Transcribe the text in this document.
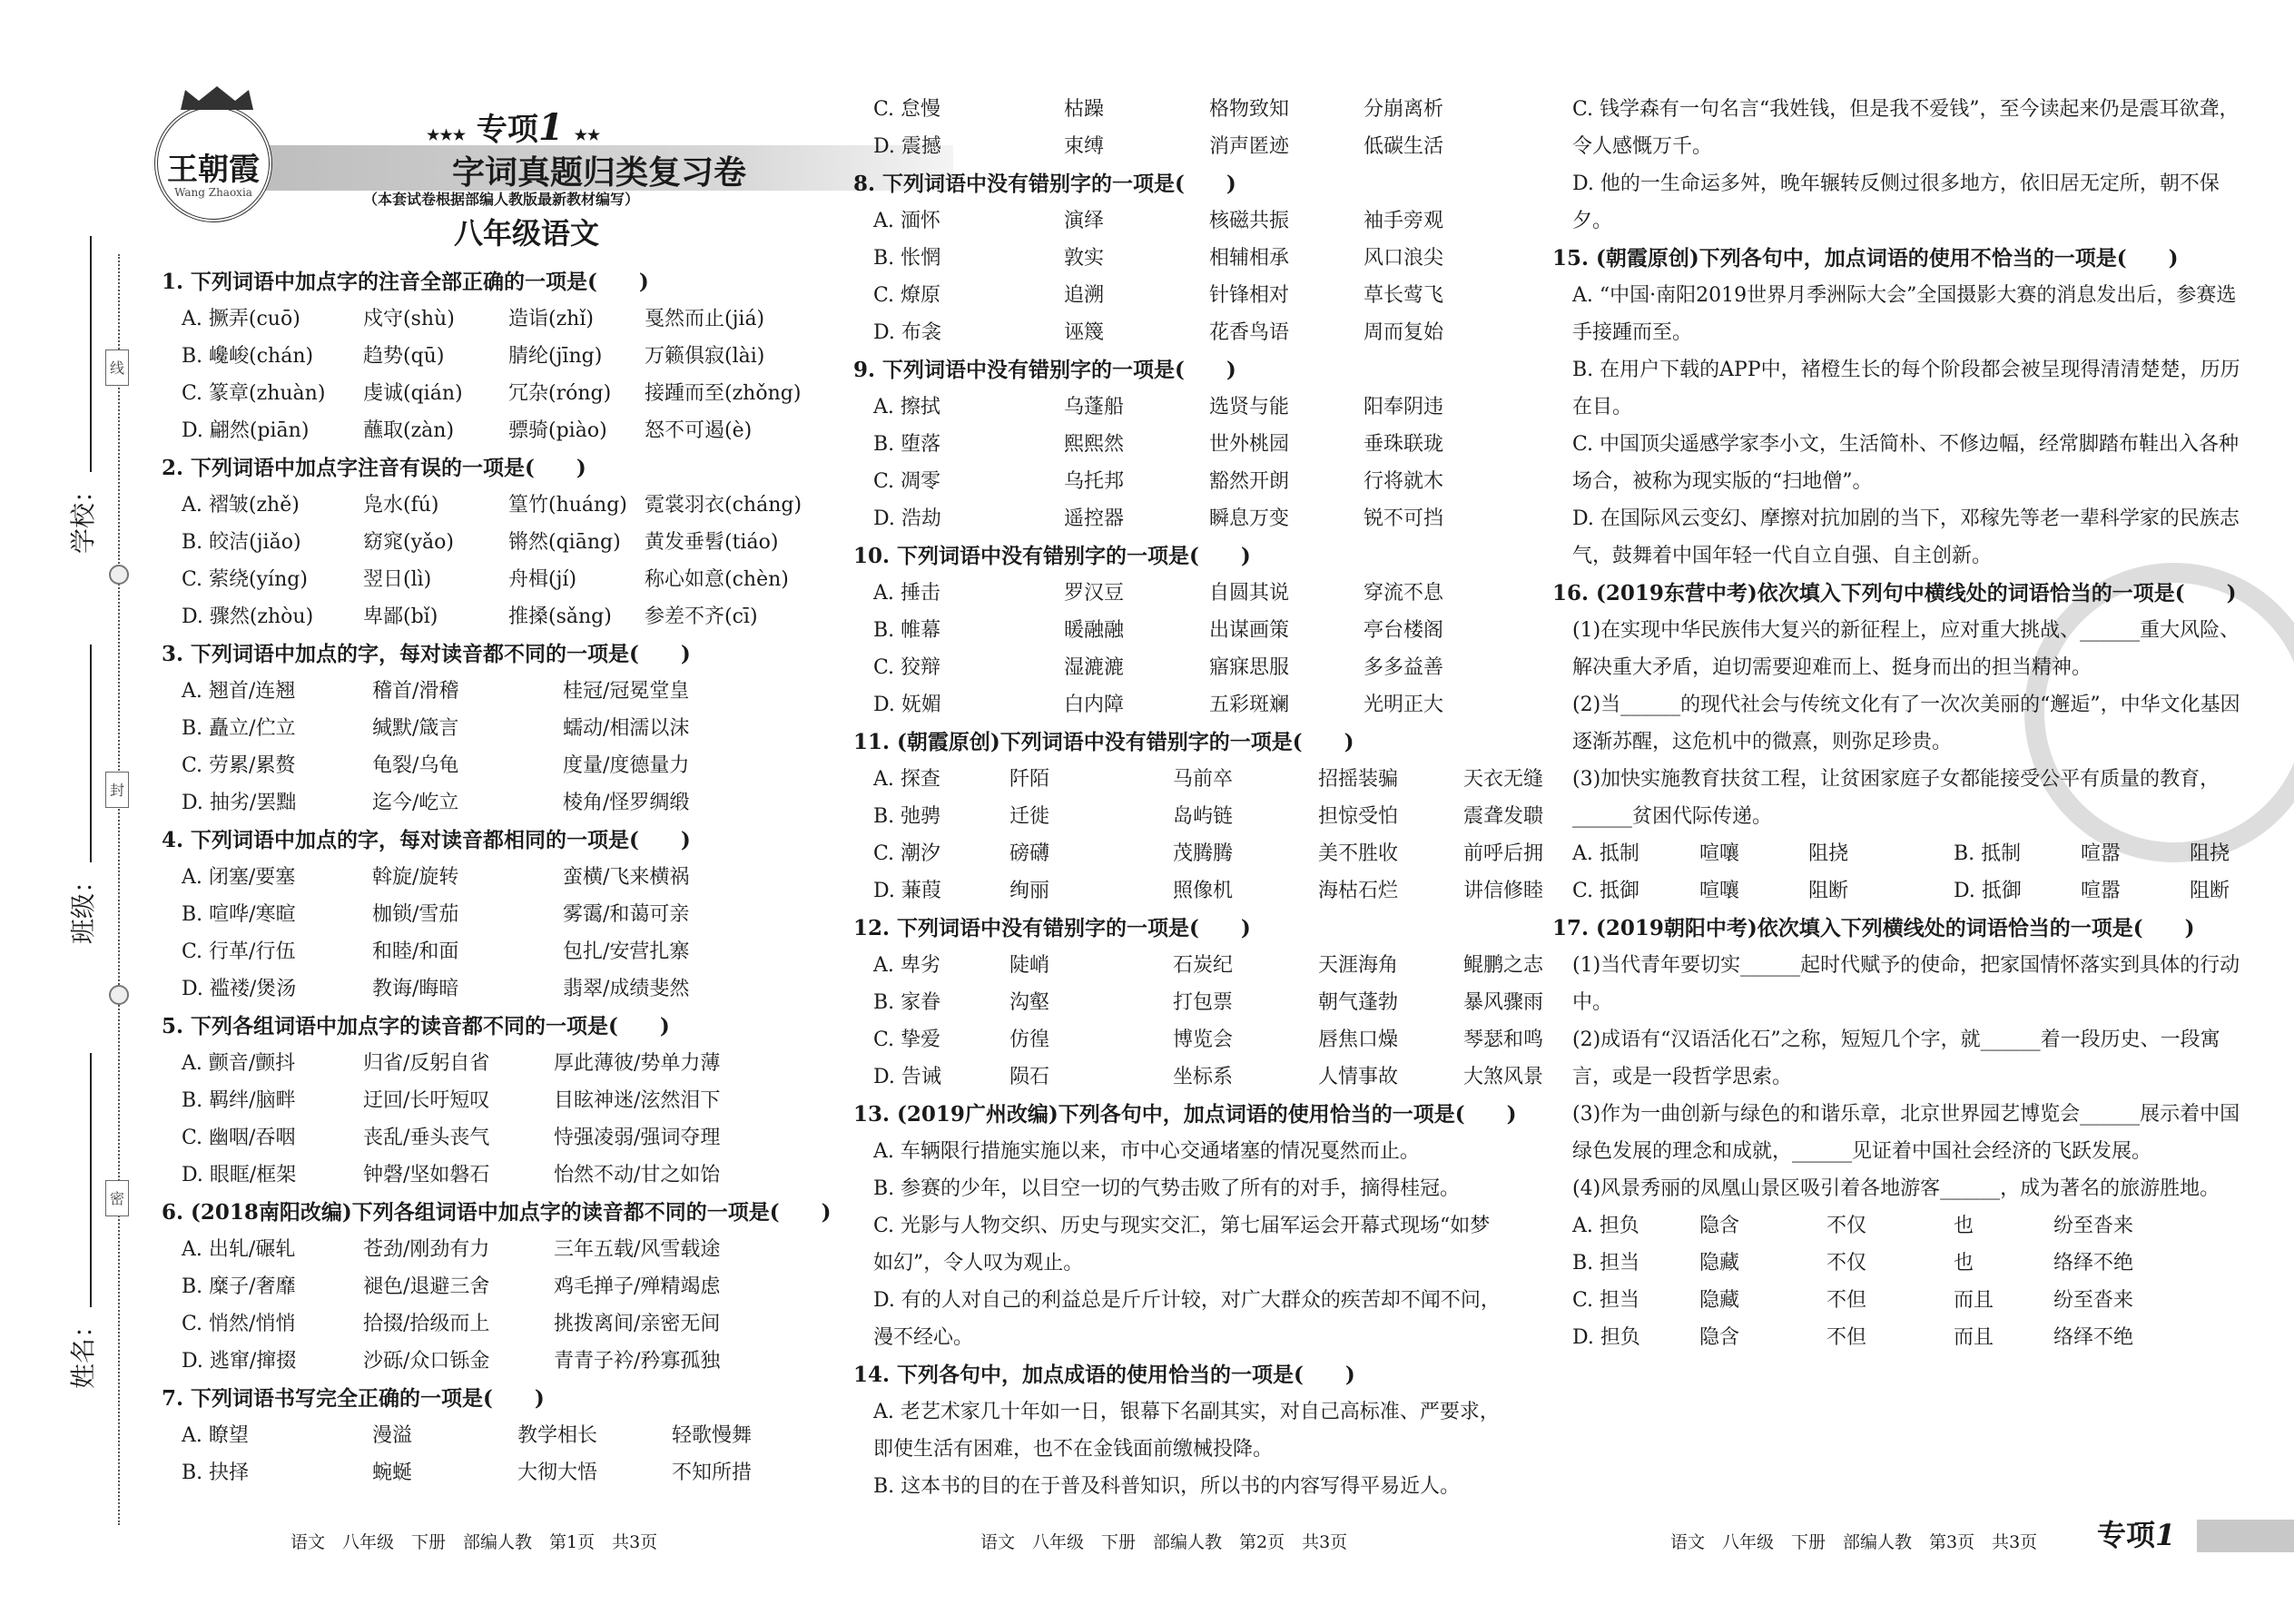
学校：
班级：
姓名：
线
封
密
王朝霞
Wang Zhaoxia
★★★ 专项1 ★★
字词真题归类复习卷
（本套试卷根据部编人教版最新教材编写）
八年级语文
1. 下列词语中加点字的注音全部正确的一项是(　　)
A. 撅弄(cuō)	戍守(shù)	造诣(zhǐ)	戛然而止(jiá)
B. 巉峻(chán)	趋势(qū)	腈纶(jīng)	万籁俱寂(lài)
C. 篆章(zhuàn)	虔诚(qián)	冗杂(róng)	接踵而至(zhǒng)
D. 翩然(piān)	蘸取(zàn)	骠骑(piào)	怒不可遏(è)
2. 下列词语中加点字注音有误的一项是(　　)
A. 褶皱(zhě)	凫水(fú)	篁竹(huáng) 霓裳羽衣(cháng)
B. 皎洁(jiǎo)	窈窕(yǎo)	锵然(qiāng)	黄发垂髫(tiáo)
C. 萦绕(yíng)	翌日(lì)	舟楫(jí)	称心如意(chèn)
D. 骤然(zhòu)	卑鄙(bǐ)	推搡(sǎng)	参差不齐(cī)
3. 下列词语中加点的字，每对读音都不同的一项是(　　)
A. 翘首/连翘	稽首/滑稽	桂冠/冠冕堂皇
B. 矗立/伫立	缄默/箴言	蠕动/相濡以沫
C. 劳累/累赘	龟裂/乌龟	度量/度德量力
D. 抽劣/罢黜	迄今/屹立	棱角/怪罗绸缎
4. 下列词语中加点的字，每对读音都相同的一项是(　　)
A. 闭塞/要塞	斡旋/旋转	蛮横/飞来横祸
B. 喧哗/寒暄	枷锁/雪茄	雾霭/和蔼可亲
C. 行革/行伍	和睦/和面	包扎/安营扎寨
D. 褴褛/煲汤	教诲/晦暗	翡翠/成绩斐然
5. 下列各组词语中加点字的读音都不同的一项是(　　)
A. 颤音/颤抖	归省/反躬自省	厚此薄彼/势单力薄
B. 羁绊/脑畔	迂回/长吁短叹	目眩神迷/泫然泪下
C. 幽咽/吞咽	丧乱/垂头丧气	恃强凌弱/强词夺理
D. 眼眶/框架	钟磬/坚如磐石	怡然不动/甘之如饴
6. (2018南阳改编)下列各组词语中加点字的读音都不同的一项是(　　)
A. 出轧/碾轧	苍劲/刚劲有力	三年五载/风雪载途
B. 糜子/奢靡	褪色/退避三舍	鸡毛掸子/殚精竭虑
C. 悄然/悄悄	拾掇/拾级而上	挑拨离间/亲密无间
D. 逃窜/撺掇	沙砾/众口铄金	青青子衿/矜寡孤独
7. 下列词语书写完全正确的一项是(　　)
A. 瞭望	漫溢	教学相长	轻歌慢舞
B. 抉择	蜿蜒	大彻大悟	不知所措
语文　八年级　下册　部编人教　第1页　共3页
C. 怠慢	枯躁	格物致知	分崩离析
D. 震撼	束缚	消声匿迹	低碳生活
8. 下列词语中没有错别字的一项是(　　)
A. 湎怀	演绎	核磁共振	袖手旁观
B. 怅惘	敦实	相辅相承	风口浪尖
C. 燎原	追溯	针锋相对	草长莺飞
D. 布衾	诬篾	花香鸟语	周而复始
9. 下列词语中没有错别字的一项是(　　)
A. 擦拭	乌蓬船	选贤与能	阳奉阴违
B. 堕落	熙熙然	世外桃园	垂珠联珑
C. 凋零	乌托邦	豁然开朗	行将就木
D. 浩劫	遥控器	瞬息万变	锐不可挡
10. 下列词语中没有错别字的一项是(　　)
A. 捶击	罗汉豆	自圆其说	穿流不息
B. 帷幕	暖融融	出谋画策	亭台楼阁
C. 狡辩	湿漉漉	寤寐思服	多多益善
D. 妩媚	白内障	五彩斑斓	光明正大
11. (朝霞原创)下列词语中没有错别字的一项是(　　)
A. 探查	阡陌	马前卒	招摇装骗	天衣无缝
B. 弛骋	迁徙	岛屿链	担惊受怕	震聋发聩
C. 潮汐	磅礴	茂腾腾	美不胜收	前呼后拥
D. 蒹葭	绚丽	照像机	海枯石烂	讲信修睦
12. 下列词语中没有错别字的一项是(　　)
A. 卑劣	陡峭	石炭纪	天涯海角	鲲鹏之志
B. 家眷	沟壑	打包票	朝气蓬勃	暴风骤雨
C. 挚爱	仿徨	博览会	唇焦口燥	琴瑟和鸣
D. 告诫	陨石	坐标系	人情事故	大煞风景
13. (2019广州改编)下列各句中，加点词语的使用恰当的一项是(　　)
A. 车辆限行措施实施以来，市中心交通堵塞的情况戛然而止。
B. 参赛的少年，以目空一切的气势击败了所有的对手，摘得桂冠。
C. 光影与人物交织、历史与现实交汇，第七届军运会开幕式现场“如梦如幻”，令人叹为观止。
D. 有的人对自己的利益总是斤斤计较，对广大群众的疾苦却不闻不问，漫不经心。
14. 下列各句中，加点成语的使用恰当的一项是(　　)
A. 老艺术家几十年如一日，银幕下名副其实，对自己高标准、严要求，即使生活有困难，也不在金钱面前缴械投降。
B. 这本书的目的在于普及科普知识，所以书的内容写得平易近人。
语文　八年级　下册　部编人教　第2页　共3页
C. 钱学森有一句名言“我姓钱，但是我不爱钱”，至今读起来仍是震耳欲聋，令人感慨万千。
D. 他的一生命运多舛，晚年辗转反侧过很多地方，依旧居无定所，朝不保夕。
15. (朝霞原创)下列各句中，加点词语的使用不恰当的一项是(　　)
A. “中国·南阳2019世界月季洲际大会”全国摄影大赛的消息发出后，参赛选手接踵而至。
B. 在用户下载的APP中，褚橙生长的每个阶段都会被呈现得清清楚楚，历历在目。
C. 中国顶尖遥感学家李小文，生活简朴、不修边幅，经常脚踏布鞋出入各种场合，被称为现实版的“扫地僧”。
D. 在国际风云变幻、摩擦对抗加剧的当下，邓稼先等老一辈科学家的民族志气，鼓舞着中国年轻一代自立自强、自主创新。
16. (2019东营中考)依次填入下列句中横线处的词语恰当的一项是(　　)
(1)在实现中华民族伟大复兴的新征程上，应对重大挑战、______重大风险、解决重大矛盾，迫切需要迎难而上、挺身而出的担当精神。
(2)当______的现代社会与传统文化有了一次次美丽的“邂逅”，中华文化基因逐渐苏醒，这危机中的微熹，则弥足珍贵。
(3)加快实施教育扶贫工程，让贫困家庭子女都能接受公平有质量的教育，______贫困代际传递。
A. 抵制	喧嚷	阻挠	B. 抵制	喧嚣	阻挠
C. 抵御	喧嚷	阻断	D. 抵御	喧嚣	阻断
17. (2019朝阳中考)依次填入下列横线处的词语恰当的一项是(　　)
(1)当代青年要切实______起时代赋予的使命，把家国情怀落实到具体的行动中。
(2)成语有“汉语活化石”之称，短短几个字，就______着一段历史、一段寓言，或是一段哲学思索。
(3)作为一曲创新与绿色的和谐乐章，北京世界园艺博览会______展示着中国绿色发展的理念和成就，______见证着中国社会经济的飞跃发展。
(4)风景秀丽的凤凰山景区吸引着各地游客______，成为著名的旅游胜地。
A. 担负	隐含	不仅	也	纷至沓来
B. 担当	隐藏	不仅	也	络绎不绝
C. 担当	隐藏	不但	而且	纷至沓来
D. 担负	隐含	不但	而且	络绎不绝
语文　八年级　下册　部编人教　第3页　共3页 专项1
